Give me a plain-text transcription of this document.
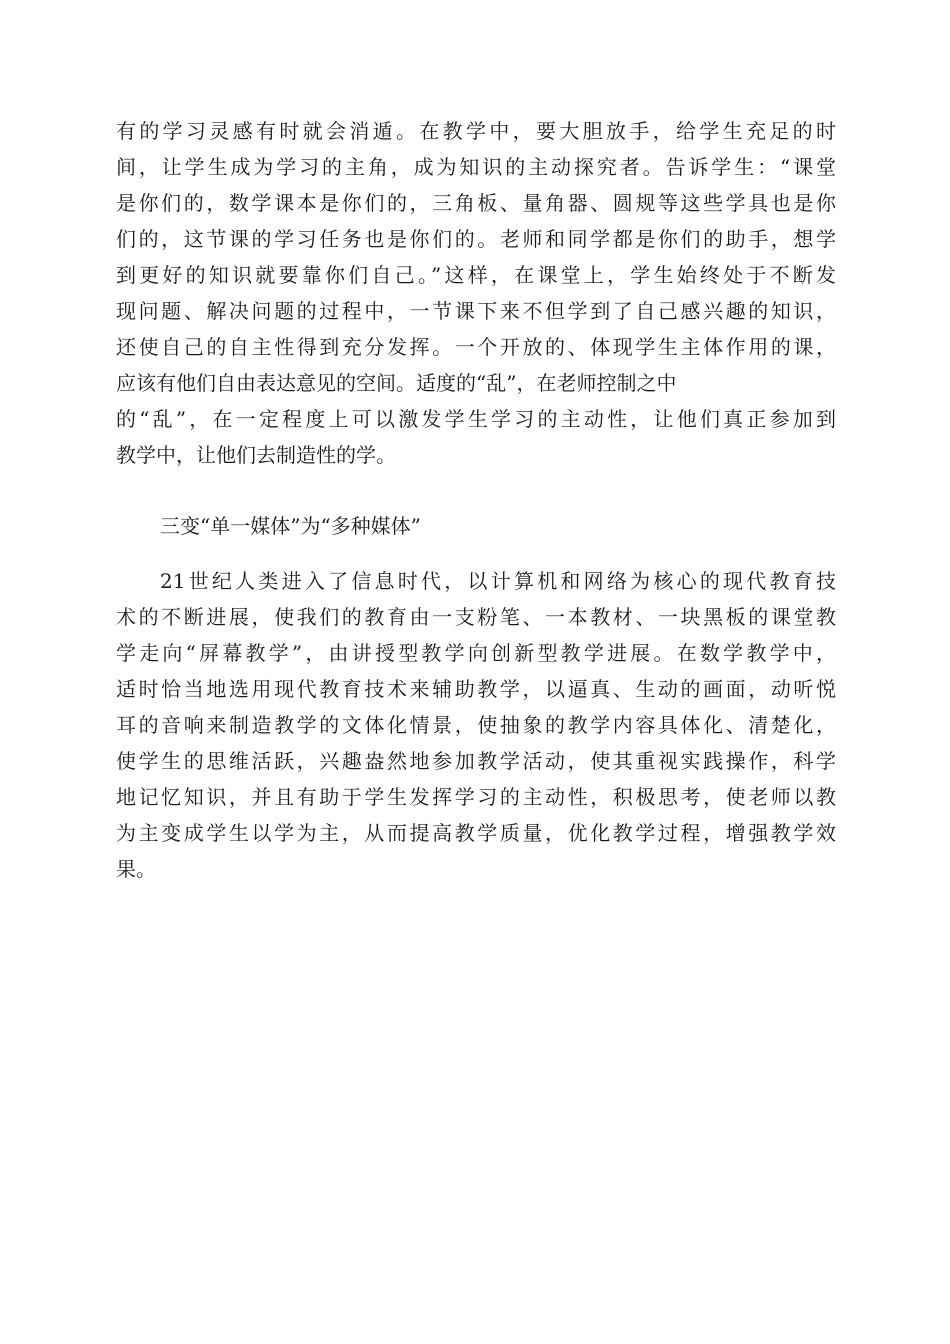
有的学习灵感有时就会消遁。在教学中，要大胆放手，给学生充足的时
间，让学生成为学习的主角，成为知识的主动探究者。告诉学生：“课堂
是你们的，数学课本是你们的，三角板、量角器、圆规等这些学具也是你
们的，这节课的学习任务也是你们的。老师和同学都是你们的助手，想学
到更好的知识就要靠你们自己。”这样，在课堂上，学生始终处于不断发
现问题、解决问题的过程中，一节课下来不但学到了自己感兴趣的知识，
还使自己的自主性得到充分发挥。一个开放的、体现学生主体作用的课，
应该有他们自由表达意见的空间。适度的“乱”，在老师控制之中
的“乱”，在一定程度上可以激发学生学习的主动性，让他们真正参加到
教学中，让他们去制造性的学。
三变“单一媒体”为“多种媒体”
21世纪人类进入了信息时代，以计算机和网络为核心的现代教育技
术的不断进展，使我们的教育由一支粉笔、一本教材、一块黑板的课堂教
学走向“屏幕教学”，由讲授型教学向创新型教学进展。在数学教学中，
适时恰当地选用现代教育技术来辅助教学，以逼真、生动的画面，动听悦
耳的音响来制造教学的文体化情景，使抽象的教学内容具体化、清楚化，
使学生的思维活跃，兴趣盎然地参加教学活动，使其重视实践操作，科学
地记忆知识，并且有助于学生发挥学习的主动性，积极思考，使老师以教
为主变成学生以学为主，从而提高教学质量，优化教学过程，增强教学效
果。
